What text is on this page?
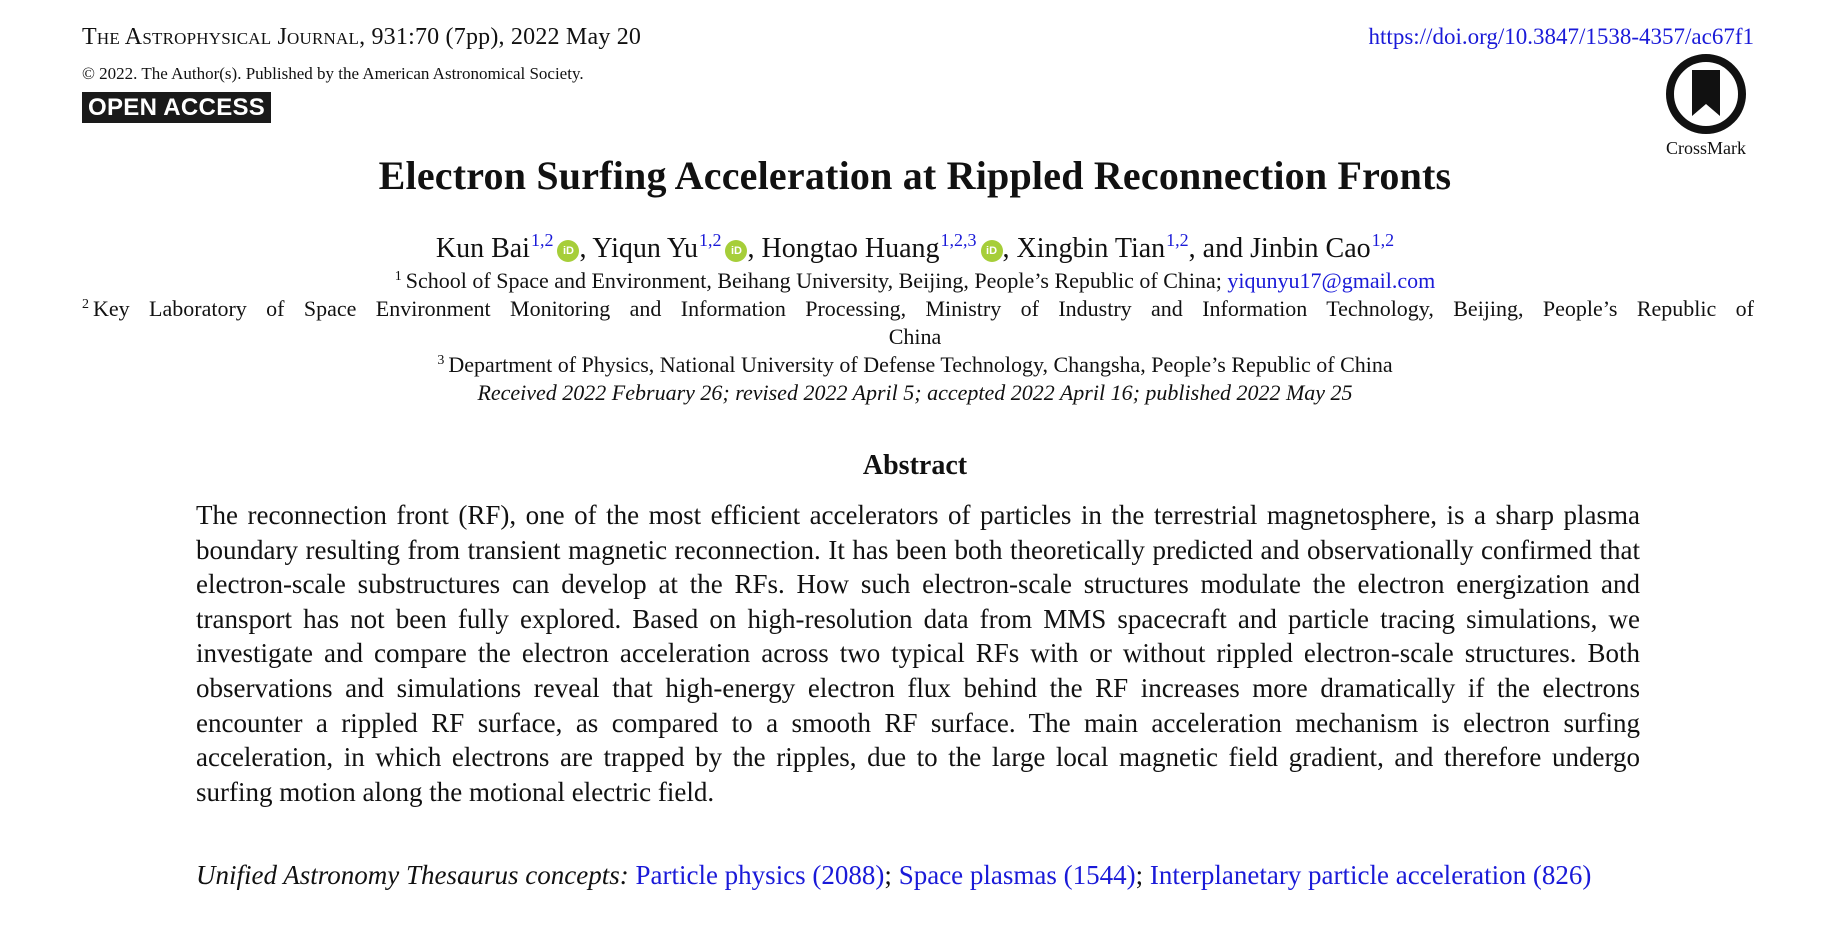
The Astrophysical Journal, 931:70 (7pp), 2022 May 20	https://doi.org/10.3847/1538-4357/ac67f1
© 2022. The Author(s). Published by the American Astronomical Society.
OPEN ACCESS
CrossMark
Electron Surfing Acceleration at Rippled Reconnection Fronts
Kun Bai$^{1,2}$iD , Yiqun Yu$^{1,2}$iD , Hongtao Huang$^{1,2,3}$iD , Xingbin Tian$^{1,2}$, and Jinbin Cao$^{1,2}$
$^1$ School of Space and Environment, Beihang University, Beijing, People’s Republic of China; yiqunyu17@gmail.com
$^2$ Key Laboratory of Space Environment Monitoring and Information Processing, Ministry of Industry and Information Technology, Beijing, People’s Republic of
China
$^3$ Department of Physics, National University of Defense Technology, Changsha, People’s Republic of China
Received 2022 February 26; revised 2022 April 5; accepted 2022 April 16; published 2022 May 25
Abstract
The reconnection front (RF), one of the most efficient accelerators of particles in the terrestrial magnetosphere, is a sharp plasma boundary resulting from transient magnetic reconnection. It has been both theoretically predicted and observationally confirmed that electron-scale substructures can develop at the RFs. How such electron-scale structures modulate the electron energization and transport has not been fully explored. Based on high-resolution data from MMS spacecraft and particle tracing simulations, we investigate and compare the electron acceleration across two typical RFs with or without rippled electron-scale structures. Both observations and simulations reveal that high-energy electron flux behind the RF increases more dramatically if the electrons encounter a rippled RF surface, as compared to a smooth RF surface. The main acceleration mechanism is electron surfing acceleration, in which electrons are trapped by the ripples, due to the large local magnetic field gradient, and therefore undergo surfing motion along the motional electric field.
Unified Astronomy Thesaurus concepts: Particle physics (2088); Space plasmas (1544); Interplanetary particle acceleration (826)
